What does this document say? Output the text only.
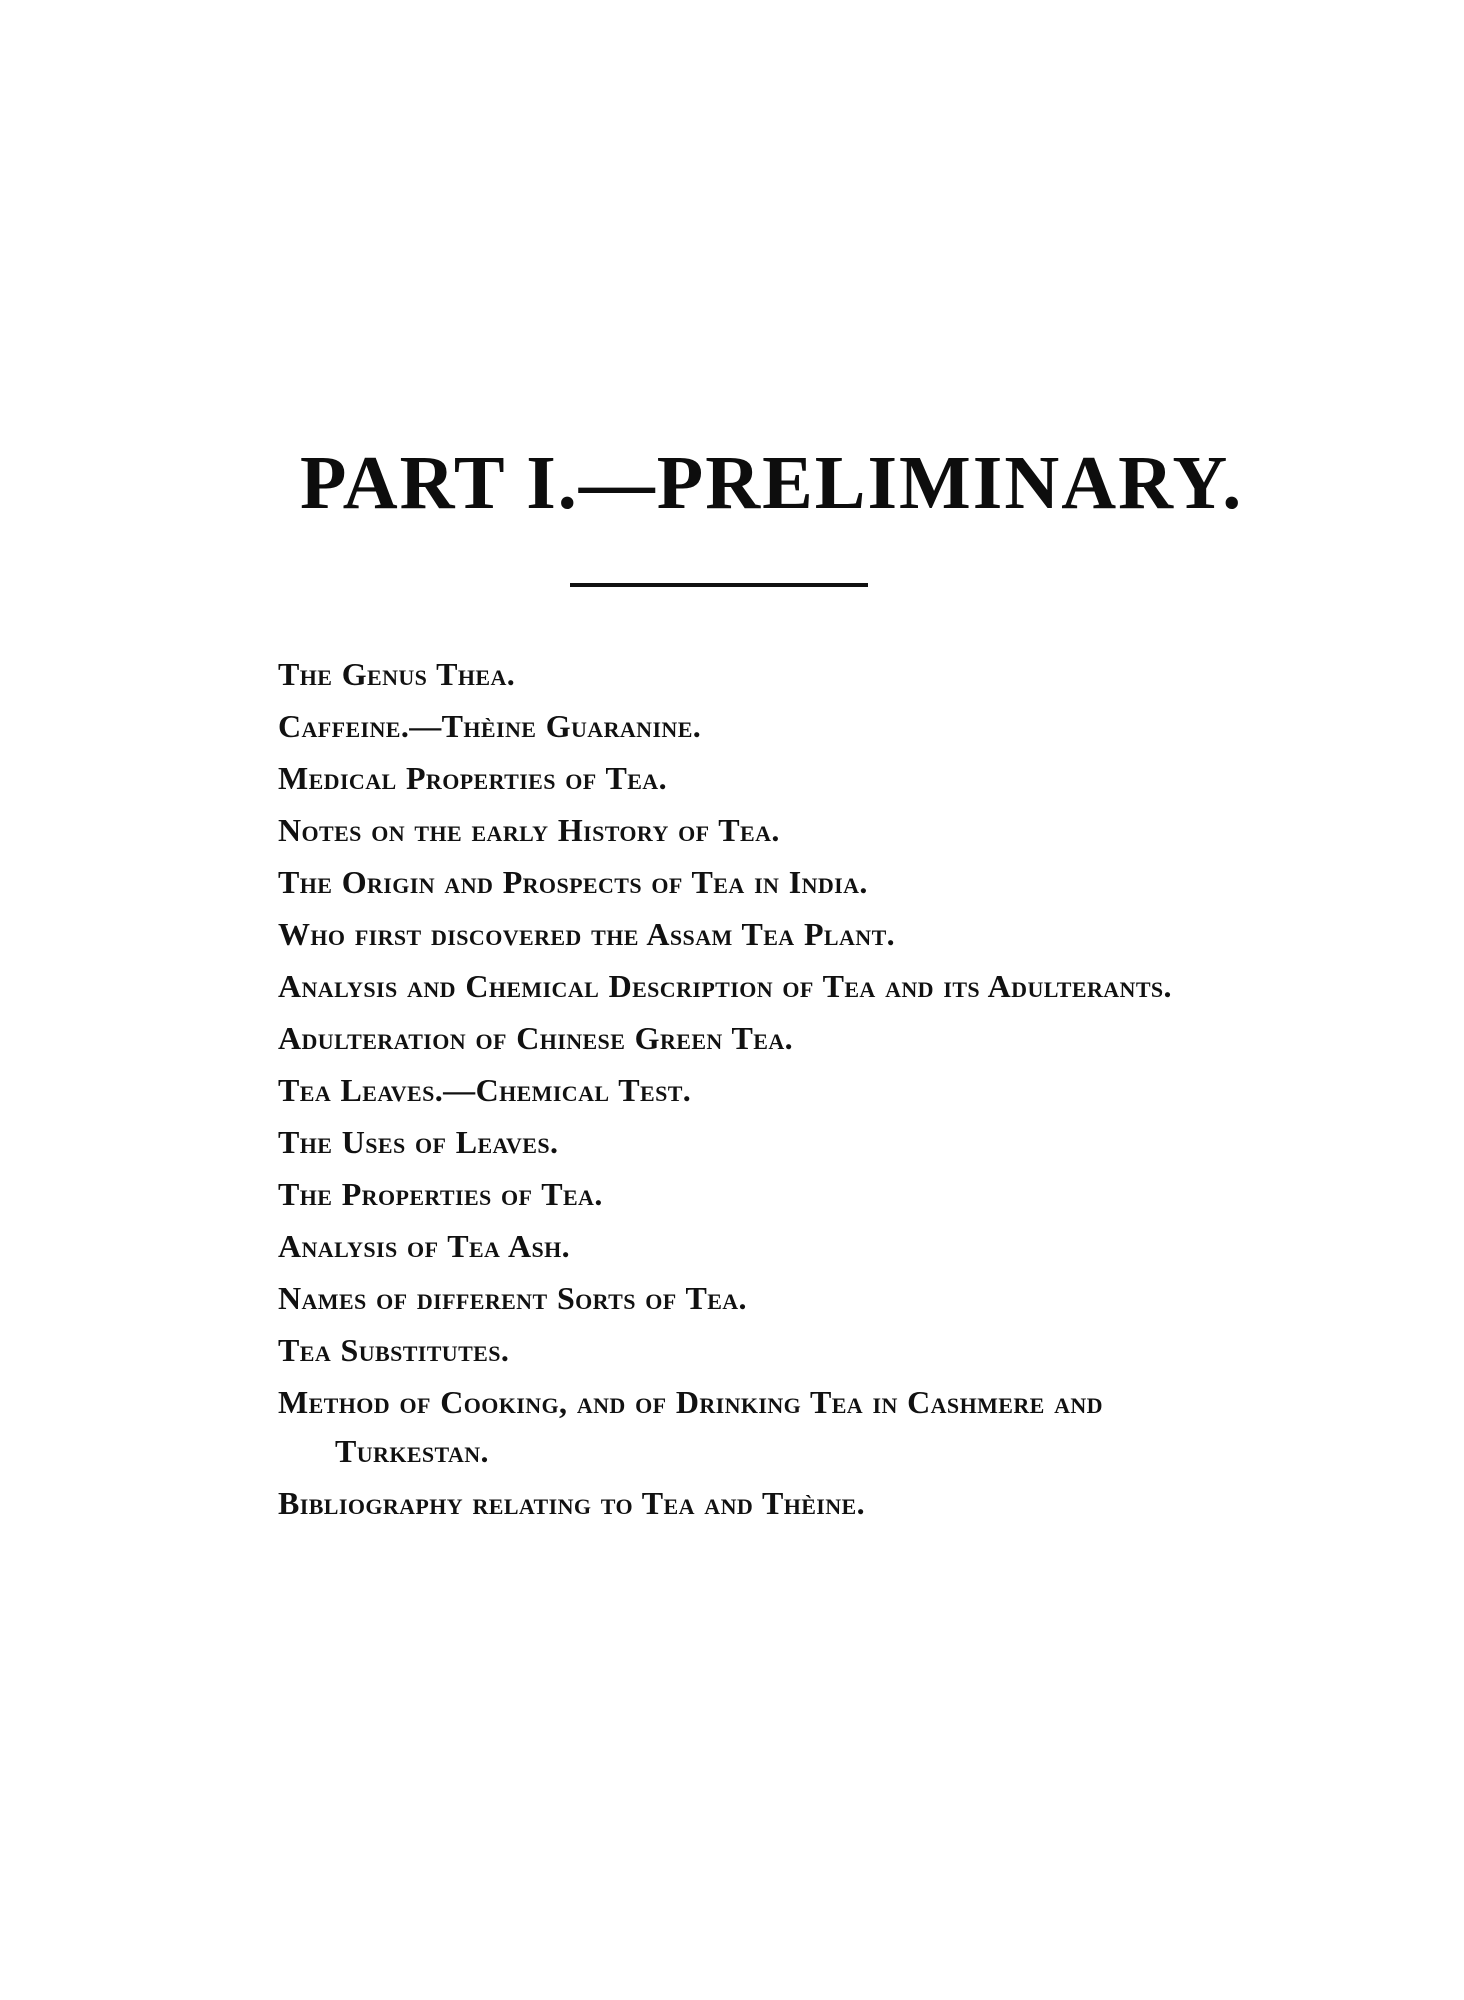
PART I.—PRELIMINARY.
The Genus Thea.
Caffeine.—Thèine Guaranine.
Medical Properties of Tea.
Notes on the early History of Tea.
The Origin and Prospects of Tea in India.
Who first discovered the Assam Tea Plant.
Analysis and Chemical Description of Tea and its Adulterants.
Adulteration of Chinese Green Tea.
Tea Leaves.—Chemical Test.
The Uses of Leaves.
The Properties of Tea.
Analysis of Tea Ash.
Names of different Sorts of Tea.
Tea Substitutes.
Method of Cooking, and of Drinking Tea in Cashmere and Turkestan.
Bibliography relating to Tea and Thèine.
